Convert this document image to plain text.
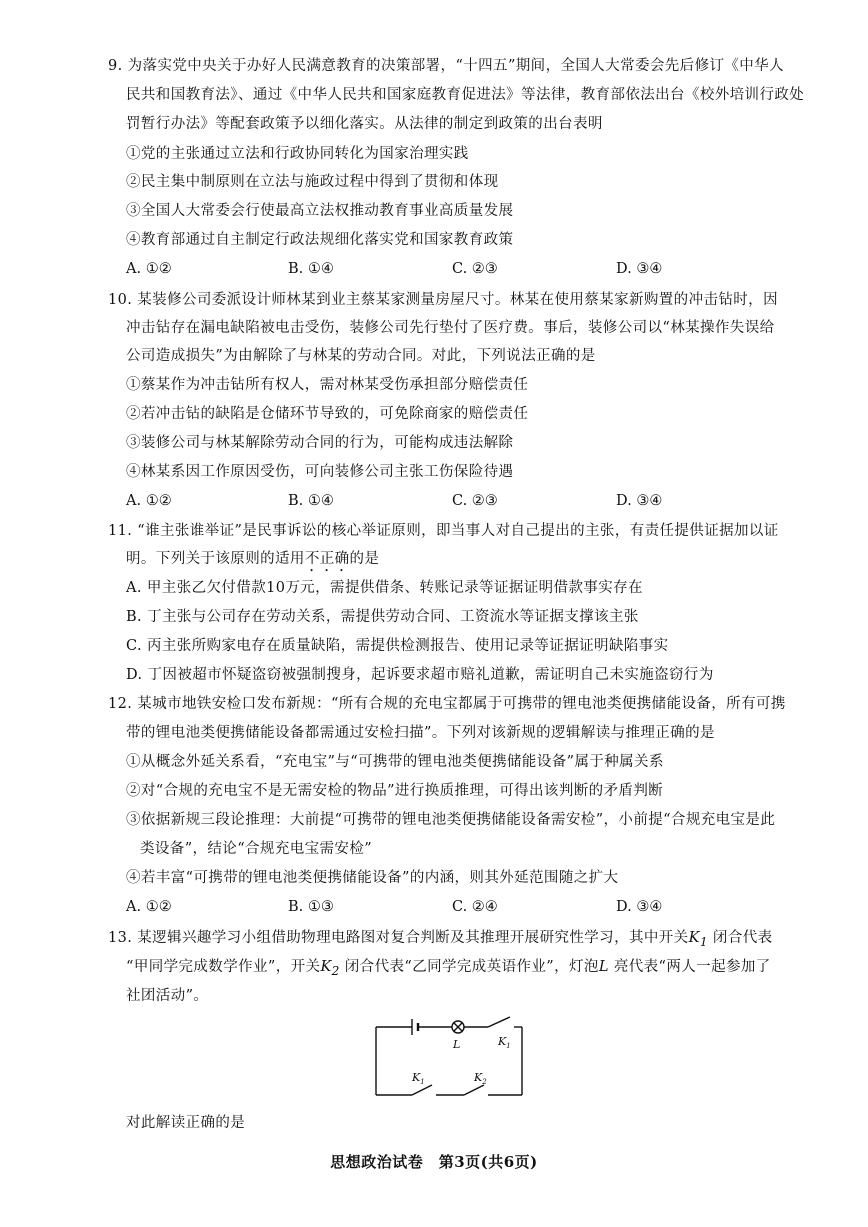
9. 为落实党中央关于办好人民满意教育的决策部署，“十四五”期间，全国人大常委会先后修订《中华人
民共和国教育法》、通过《中华人民共和国家庭教育促进法》等法律，教育部依法出台《校外培训行政处
罚暂行办法》等配套政策予以细化落实。从法律的制定到政策的出台表明
①党的主张通过立法和行政协同转化为国家治理实践
②民主集中制原则在立法与施政过程中得到了贯彻和体现
③全国人大常委会行使最高立法权推动教育事业高质量发展
④教育部通过自主制定行政法规细化落实党和国家教育政策
A. ①②	B. ①④	C. ②③	D. ③④
10. 某装修公司委派设计师林某到业主蔡某家测量房屋尺寸。林某在使用蔡某家新购置的冲击钻时，因
冲击钻存在漏电缺陷被电击受伤，装修公司先行垫付了医疗费。事后，装修公司以“林某操作失误给
公司造成损失”为由解除了与林某的劳动合同。对此，下列说法正确的是
①蔡某作为冲击钻所有权人，需对林某受伤承担部分赔偿责任
②若冲击钻的缺陷是仓储环节导致的，可免除商家的赔偿责任
③装修公司与林某解除劳动合同的行为，可能构成违法解除
④林某系因工作原因受伤，可向装修公司主张工伤保险待遇
A. ①②	B. ①④	C. ②③	D. ③④
11. “谁主张谁举证”是民事诉讼的核心举证原则，即当事人对自己提出的主张，有责任提供证据加以证
明。下列关于该原则的适用不正确的是
A. 甲主张乙欠付借款10万元，需提供借条、转账记录等证据证明借款事实存在
B. 丁主张与公司存在劳动关系，需提供劳动合同、工资流水等证据支撑该主张
C. 丙主张所购家电存在质量缺陷，需提供检测报告、使用记录等证据证明缺陷事实
D. 丁因被超市怀疑盗窃被强制搜身，起诉要求超市赔礼道歉，需证明自己未实施盗窃行为
12. 某城市地铁安检口发布新规：“所有合规的充电宝都属于可携带的锂电池类便携储能设备，所有可携
带的锂电池类便携储能设备都需通过安检扫描”。下列对该新规的逻辑解读与推理正确的是
①从概念外延关系看，“充电宝”与“可携带的锂电池类便携储能设备”属于种属关系
②对“合规的充电宝不是无需安检的物品”进行换质推理，可得出该判断的矛盾判断
③依据新规三段论推理：大前提“可携带的锂电池类便携储能设备需安检”，小前提“合规充电宝是此
类设备”，结论“合规充电宝需安检”
④若丰富“可携带的锂电池类便携储能设备”的内涵，则其外延范围随之扩大
A. ①②	B. ①③	C. ②④	D. ③④
13. 某逻辑兴趣学习小组借助物理电路图对复合判断及其推理开展研究性学习，其中开关$K_1$ 闭合代表
“甲同学完成数学作业”，开关$K_2$ 闭合代表“乙同学完成英语作业”，灯泡L 亮代表“两人一起参加了
社团活动”。
L	$K_1$
$K_1$	$K_2$
对此解读正确的是
思想政治试卷　第3页(共6页)
